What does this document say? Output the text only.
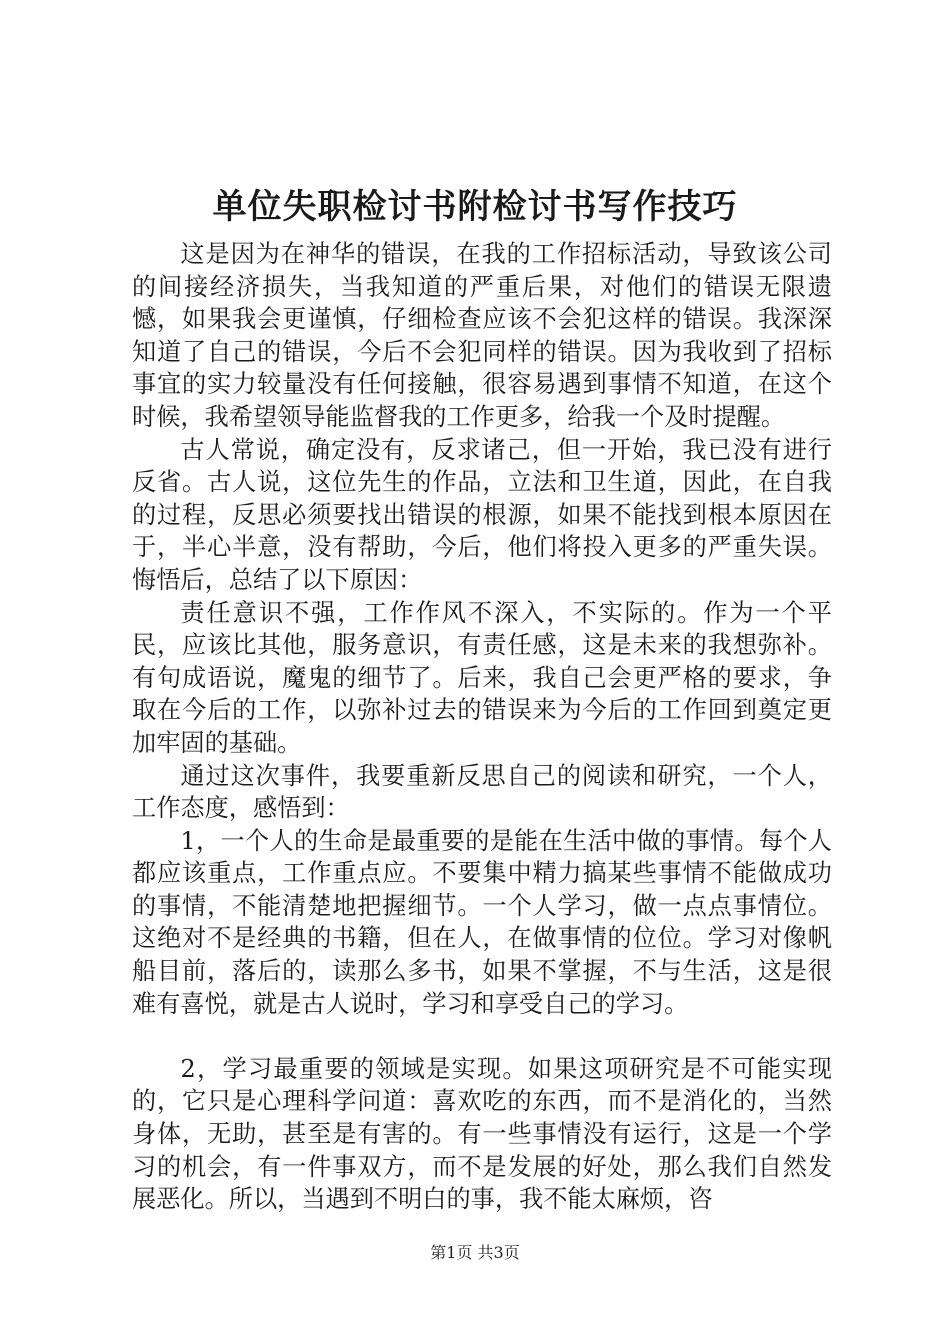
单位失职检讨书附检讨书写作技巧

这是因为在神华的错误，在我的工作招标活动，导致该公司的间接经济损失，当我知道的严重后果，对他们的错误无限遗憾，如果我会更谨慎，仔细检查应该不会犯这样的错误。我深深知道了自己的错误，今后不会犯同样的错误。因为我收到了招标事宜的实力较量没有任何接触，很容易遇到事情不知道，在这个时候，我希望领导能监督我的工作更多，给我一个及时提醒。

古人常说，确定没有，反求诸己，但一开始，我已没有进行反省。古人说，这位先生的作品，立法和卫生道，因此，在自我的过程，反思必须要找出错误的根源，如果不能找到根本原因在于，半心半意，没有帮助，今后，他们将投入更多的严重失误。悔悟后，总结了以下原因：

责任意识不强，工作作风不深入，不实际的。作为一个平民，应该比其他，服务意识，有责任感，这是未来的我想弥补。有句成语说，魔鬼的细节了。后来，我自己会更严格的要求，争取在今后的工作，以弥补过去的错误来为今后的工作回到奠定更加牢固的基础。

通过这次事件，我要重新反思自己的阅读和研究，一个人，工作态度，感悟到：

1，一个人的生命是最重要的是能在生活中做的事情。每个人都应该重点，工作重点应。不要集中精力搞某些事情不能做成功的事情，不能清楚地把握细节。一个人学习，做一点点事情位。这绝对不是经典的书籍，但在人，在做事情的位位。学习对像帆船目前，落后的，读那么多书，如果不掌握，不与生活，这是很难有喜悦，就是古人说时，学习和享受自己的学习。

2，学习最重要的领域是实现。如果这项研究是不可能实现的，它只是心理科学问道：喜欢吃的东西，而不是消化的，当然身体，无助，甚至是有害的。有一些事情没有运行，这是一个学习的机会，有一件事双方，而不是发展的好处，那么我们自然发展恶化。所以，当遇到不明白的事，我不能太麻烦，咨

第1页 共3页
